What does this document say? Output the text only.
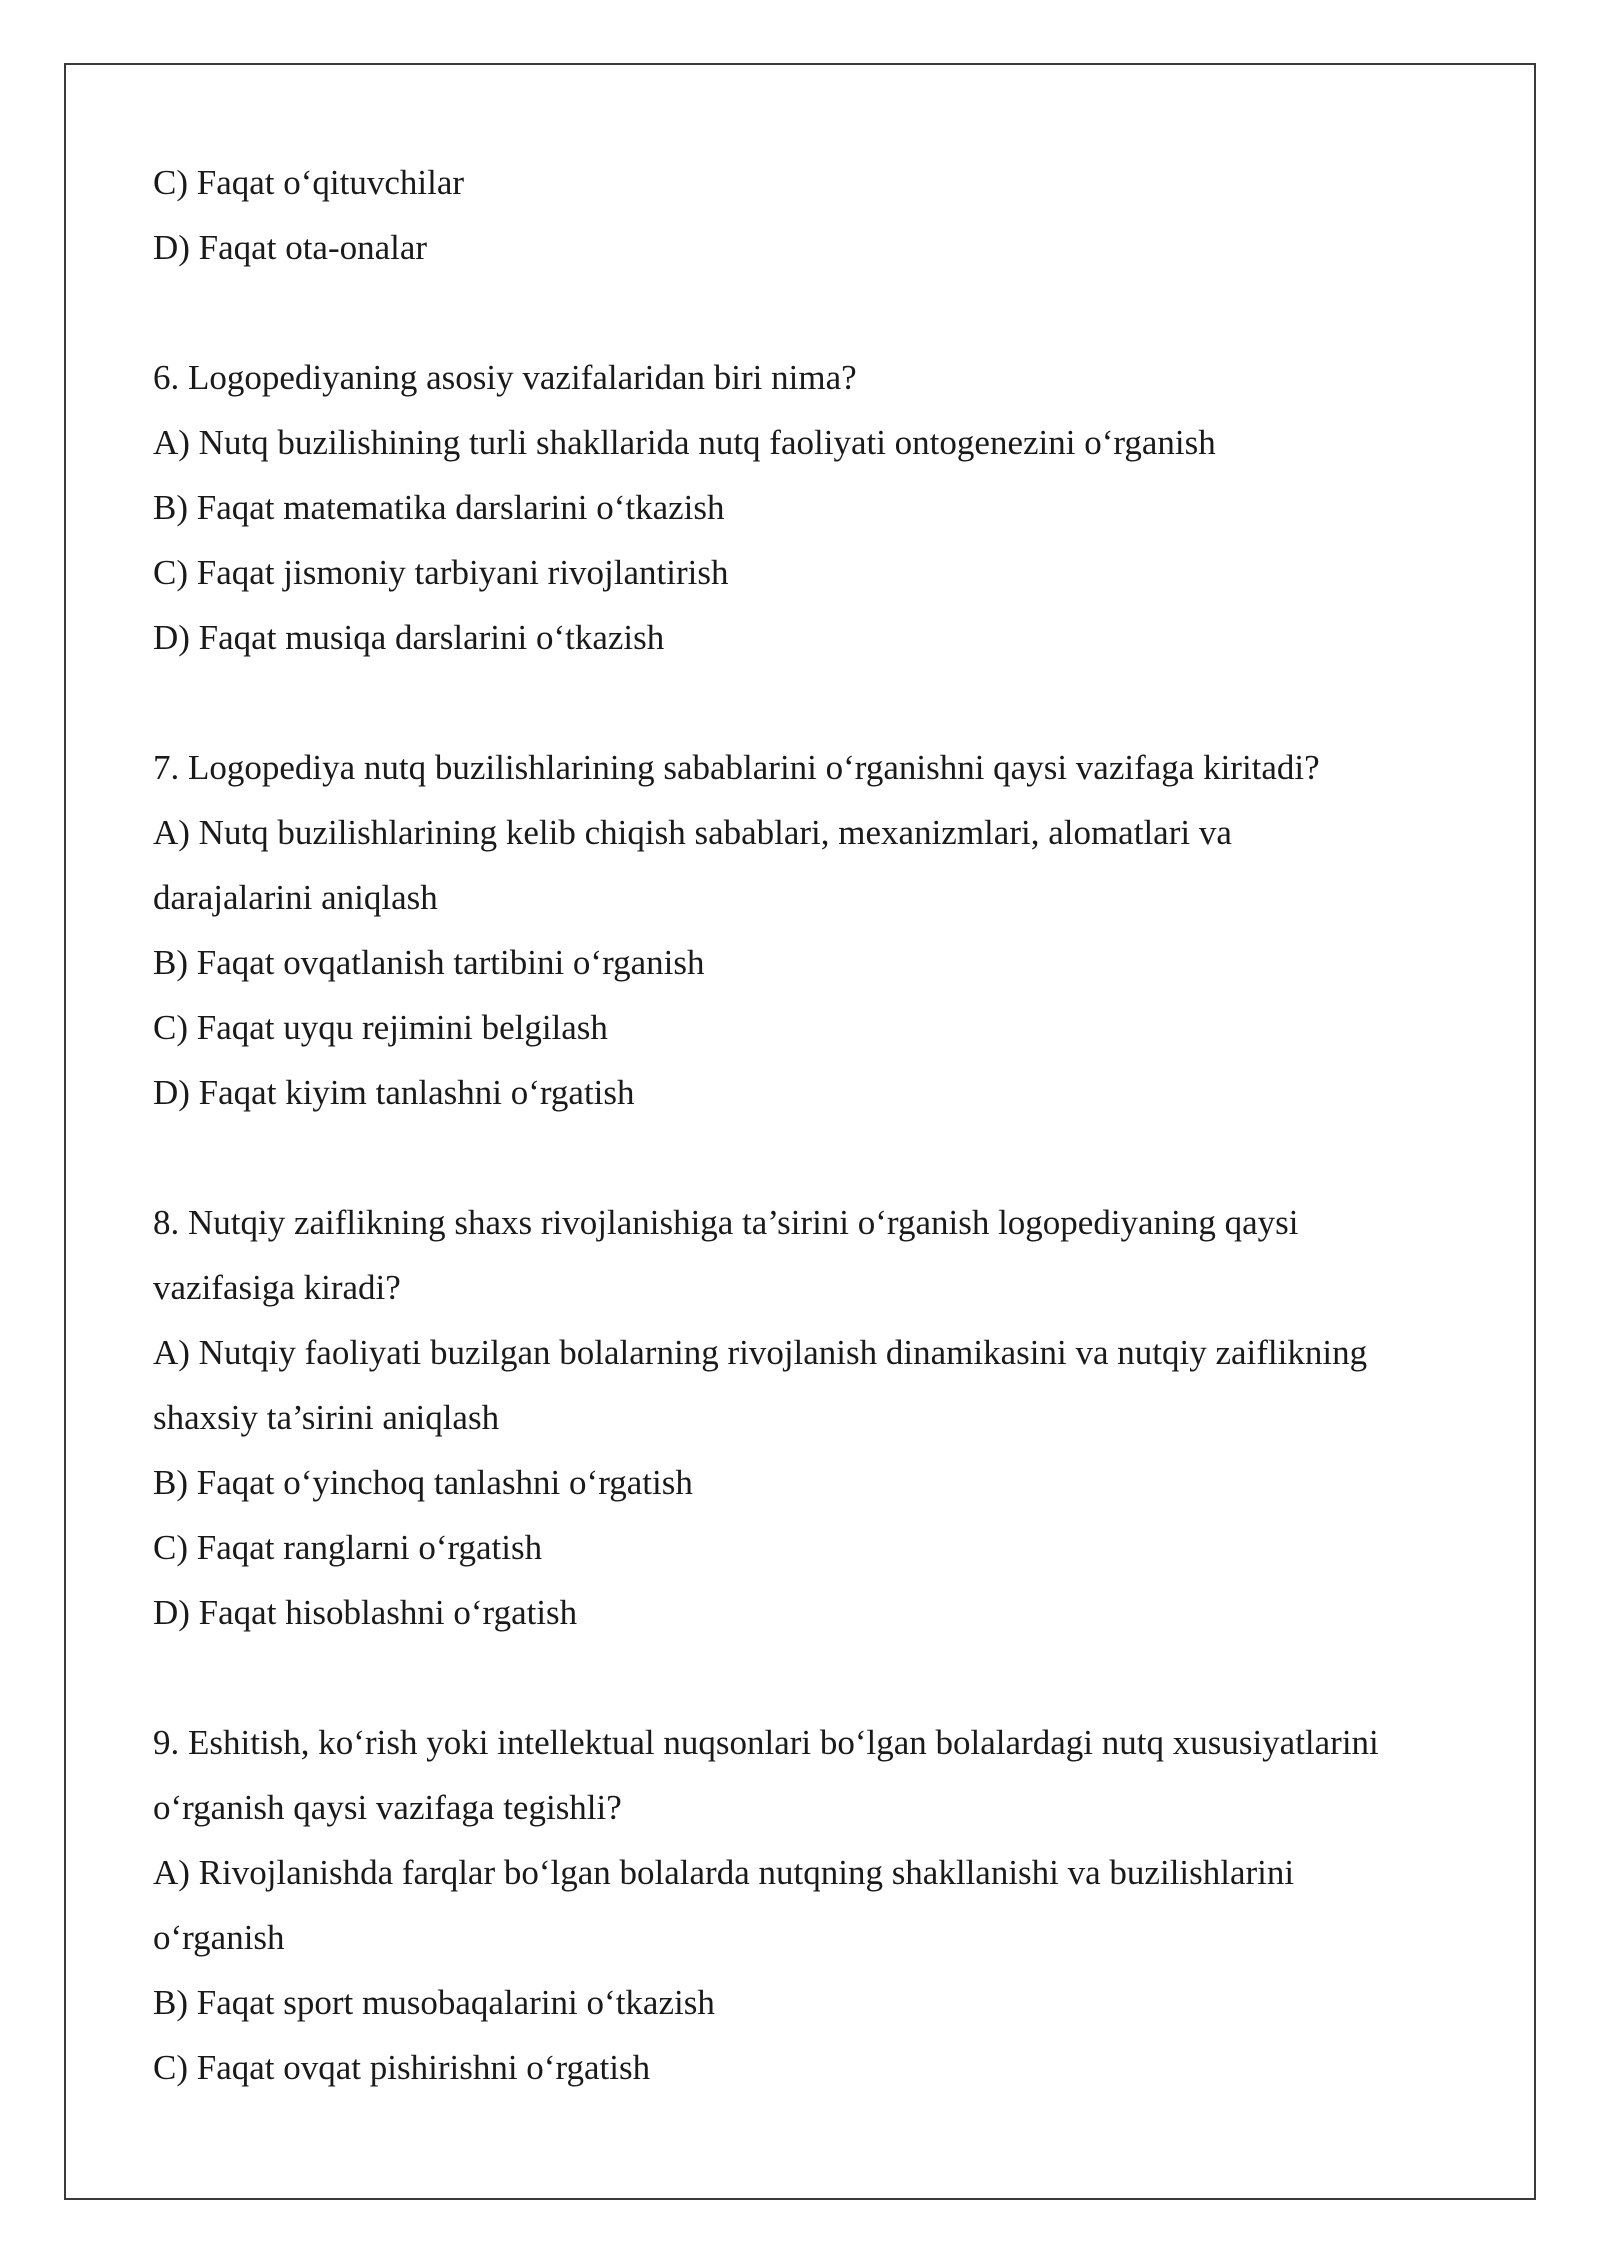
C) Faqat o‘qituvchilar
D) Faqat ota-onalar
6. Logopediyaning asosiy vazifalaridan biri nima?
A) Nutq buzilishining turli shakllarida nutq faoliyati ontogenezini o‘rganish
B) Faqat matematika darslarini o‘tkazish
C) Faqat jismoniy tarbiyani rivojlantirish
D) Faqat musiqa darslarini o‘tkazish
7. Logopediya nutq buzilishlarining sabablarini o‘rganishni qaysi vazifaga kiritadi?
A) Nutq buzilishlarining kelib chiqish sabablari, mexanizmlari, alomatlari va
darajalarini aniqlash
B) Faqat ovqatlanish tartibini o‘rganish
C) Faqat uyqu rejimini belgilash
D) Faqat kiyim tanlashni o‘rgatish
8. Nutqiy zaiflikning shaxs rivojlanishiga ta’sirini o‘rganish logopediyaning qaysi
vazifasiga kiradi?
A) Nutqiy faoliyati buzilgan bolalarning rivojlanish dinamikasini va nutqiy zaiflikning
shaxsiy ta’sirini aniqlash
B) Faqat o‘yinchoq tanlashni o‘rgatish
C) Faqat ranglarni o‘rgatish
D) Faqat hisoblashni o‘rgatish
9. Eshitish, ko‘rish yoki intellektual nuqsonlari bo‘lgan bolalardagi nutq xususiyatlarini
o‘rganish qaysi vazifaga tegishli?
A) Rivojlanishda farqlar bo‘lgan bolalarda nutqning shakllanishi va buzilishlarini
o‘rganish
B) Faqat sport musobaqalarini o‘tkazish
C) Faqat ovqat pishirishni o‘rgatish
